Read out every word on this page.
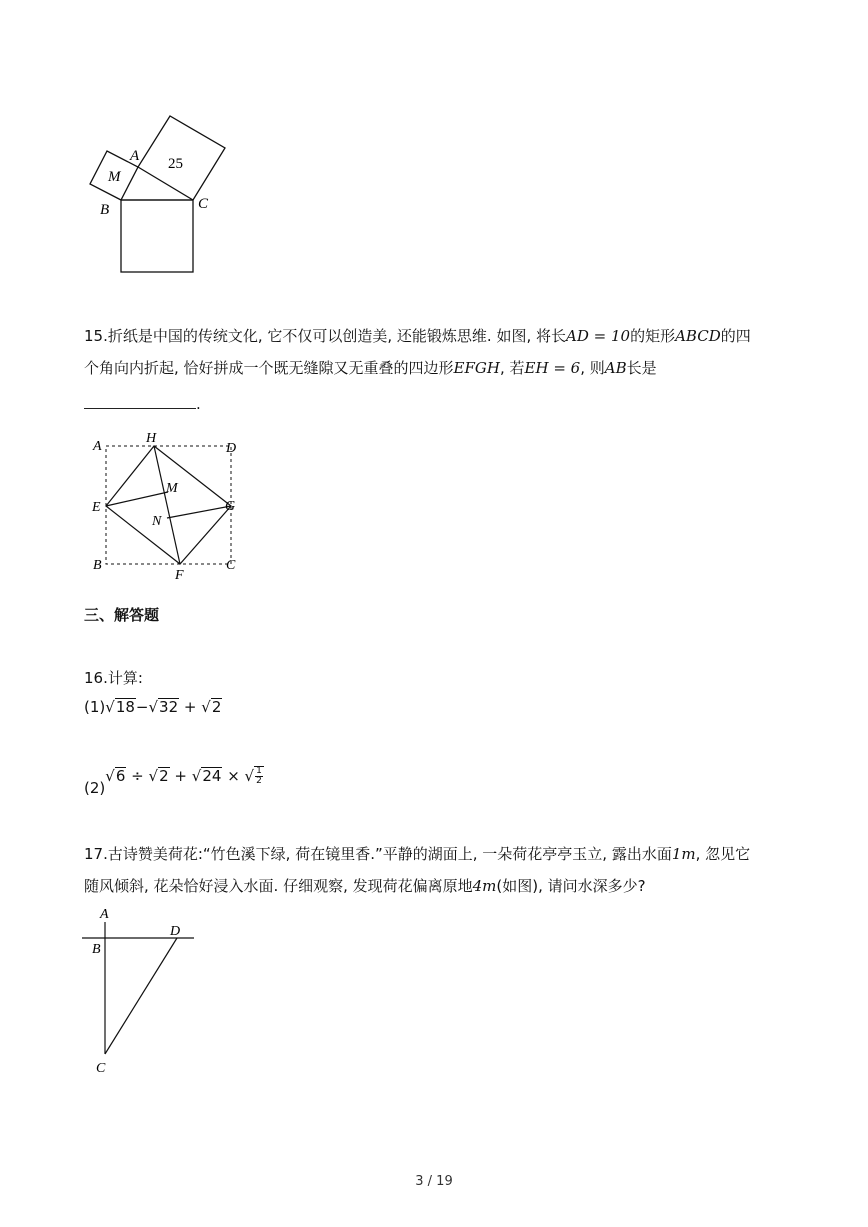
A
M
B	C
25
15.折纸是中国的传统文化, 它不仅可以创造美, 还能锻炼思维. 如图, 将长AD = 10的矩形ABCD的四
个角向内折起, 恰好拼成一个既无缝隙又无重叠的四边形EFGH, 若EH = 6, 则AB长是
.
A
H
D
E
M
N
G
B
F
C
三、解答题
16.计算:
(1)√18−√32 + √2
(2)√6 ÷ √2 + √24 × √ $\frac{1}{2}$
17.古诗赞美荷花:“竹色溪下绿, 荷在镜里香.”平静的湖面上, 一朵荷花亭亭玉立, 露出水面1m, 忽见它
随风倾斜, 花朵恰好浸入水面. 仔细观察, 发现荷花偏离原地4m(如图), 请问水深多少?
A
B
D
C
3 / 19
